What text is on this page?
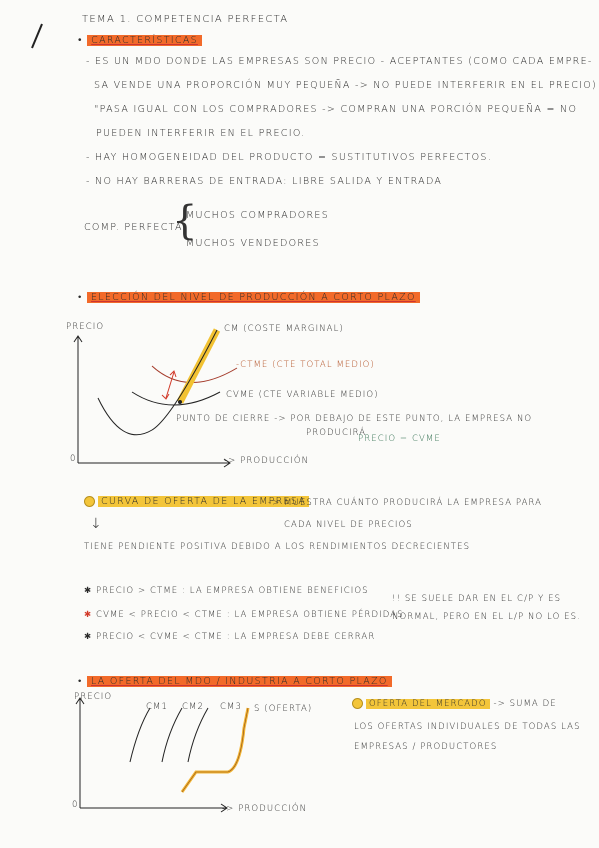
TEMA 1. COMPETENCIA PERFECTA
• CARACTERÍSTICAS
- ES UN MDO DONDE LAS EMPRESAS SON PRECIO - ACEPTANTES (COMO CADA EMPRE-
SA VENDE UNA PROPORCIÓN MUY PEQUEÑA -> NO PUEDE INTERFERIR EN EL PRECIO)
"PASA IGUAL CON LOS COMPRADORES -> COMPRAN UNA PORCIÓN PEQUEÑA = NO
PUEDEN INTERFERIR EN EL PRECIO.
- HAY HOMOGENEIDAD DEL PRODUCTO = SUSTITUTIVOS PERFECTOS.
- NO HAY BARRERAS DE ENTRADA: LIBRE SALIDA Y ENTRADA
COMP. PERFECTA
{
MUCHOS COMPRADORES
MUCHOS VENDEDORES
• ELECCIÓN DEL NIVEL DE PRODUCCIÓN A CORTO PLAZO
PRECIO
0	-> PRODUCCIÓN
CM (COSTE MARGINAL)
-CTME (CTE TOTAL MEDIO)
CVME (CTE VARIABLE MEDIO)
PUNTO DE CIERRE -> POR DEBAJO DE ESTE PUNTO, LA EMPRESA NO
PRODUCIRÁ.
PRECIO = CVME
CURVA DE OFERTA DE LA EMPRESA
-> MUESTRA CUÁNTO PRODUCIRÁ LA EMPRESA PARA
CADA NIVEL DE PRECIOS
↓
TIENE PENDIENTE POSITIVA DEBIDO A LOS RENDIMIENTOS DECRECIENTES
✱ PRECIO > CTME : LA EMPRESA OBTIENE BENEFICIOS
✱ CVME < PRECIO < CTME : LA EMPRESA OBTIENE PÉRDIDAS
✱ PRECIO < CVME < CTME : LA EMPRESA DEBE CERRAR
!! SE SUELE DAR EN EL C/P Y ES
NORMAL, PERO EN EL L/P NO LO ES.
• LA OFERTA DEL MDO / INDUSTRIA A CORTO PLAZO
PRECIO
0	-> PRODUCCIÓN
CM1 CM2 CM3 S (OFERTA)	OFERTA DEL MERCADO -> SUMA DE
LOS OFERTAS INDIVIDUALES DE TODAS LAS
EMPRESAS / PRODUCTORES
